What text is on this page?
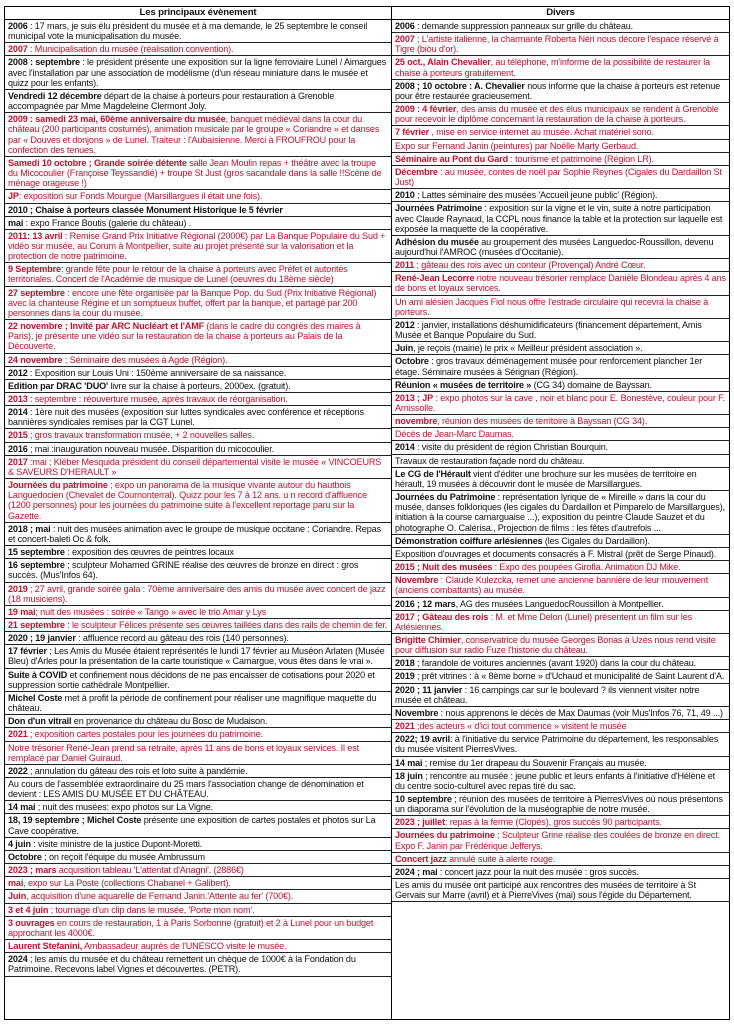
Les principaux évènement
2006 : 17 mars, je suis élu président du musée et à ma demande, le 25 septembre le conseil municipal vote la municipalisation du musée.
2007 : Municipalisation du musée (réalisation convention).
2008 : septembre : le président présente une exposition sur la ligne ferroviaire Lunel / Aimargues avec l'installation par une association de modélisme (d'un réseau miniature dans le musée et quizz pour les enfants).
Vendredi 12 décembre départ de la chaise à porteurs pour restauration à Grenoble accompagnée par Mme Magdeleine Clermont Joly.
2009 : samedi 23 mai, 60ème anniversaire du musée, banquet médiéval dans la cour du château (200 participants costumés), animation musicale par le groupe « Coriandre » et danses par « Douves et donjons » de Lunel. Traiteur : l'Aubaisienne. Merci à FROUFROU pour la confection des tenues.
Samedi 10 octobre ; Grande soirée détente salle Jean Moulin repas + théâtre avec la troupe du Micocoulier (Françoise Teyssandié) + troupe St Just (gros sacandale dans la salle !!Scène de ménage orageuse !)
JP: exposition sur Fonds Mourgue (Marsillargues il était une fois).
2010 ; Chaise à porteurs classée Monument Historique le 5 février
mai : expo France Boutis (galerie du château) .
2011: 13 avril : Remise Grand Prix Initiative Régional (2000€) par La Banque Populaire du Sud + vidéo sur musée, au Corum à Montpellier, suite au projet présenté sur la valorisation et la protection de notre patrimoine.
9 Septembre: grande fête pour le retour de la chaise à porteurs avec Préfet et autorités territoriales. Concert de l'Académie de musique de Lunel (oeuvres du 18ème siècle)
27 septembre : encore une fête organisée par la Banque Pop. du Sud (Prix Initiative Régional) avec la chanteuse Régine et un somptueux buffet, offert par la banque, et partagé par 200 personnes dans la cour du musée.
22 novembre ; Invité par ARC Nucléart et l'AMF (dans le cadre du congrès des maires à Paris), je présente une vidéo sur la restauration de la chaise à porteurs au Palais de la Découverte.
24 novembre ; Séminaire des musées à Agde (Région).
2012 : Exposition sur Louis Uni : 150ème anniversaire de sa naissance.
Edition par DRAC 'DUO' livre sur la chaise à porteurs, 2000ex. (gratuit).
2013 : septembre : réouverture musée, après travaux de réorganisation.
2014 : 1ère nuit des musées (exposition sur luttes syndicales avec conférence et réceptions bannières syndicales remises par la CGT Lunel.
2015 ; gros travaux transformation musée, + 2 nouvelles salles.
2016 ; mai :inauguration nouveau musée. Disparition du micocoulier.
2017 :mai ; Kléber Mesquida président du conseil départemental visite le musée « VINCOEURS & SAVEURS D'HERAULT »
Journées du patrimoine ; expo un panorama de la musique vivante autour du hautbois Languedocien (Chevalet de Cournonterral). Quizz pour les 7 à 12 ans. u n record d'affluence (1200 personnes) pour les journées du patrimoine suite à l'excellent reportage paru sur la Gazette.
2018 ; mai : nuit des musées animation avec le groupe de musique occitane : Coriandre. Repas et concert-baleti Oc & folk.
15 septembre : exposition des œuvres de peintres locaux
16 septembre ; sculpteur Mohamed GRINE réalise des œuvres de bronze en direct : gros succès. (Mus'Infos 64).
2019 ; 27 avril, grande soirée gala : 70ème anniversaire des amis du musée avec concert de jazz (18 musiciens).
19 mai; nuit des musées : soirée « Tango » avec le trio Amar y Lys
21 septembre : le sculpteur Félices présente ses œuvres taillées dans des rails de chemin de fer.
2020 ; 19 janvier : affluence record au gâteau des rois (140 personnes).
17 février ; Les Amis du Musée étaient représentés le lundi 17 février au Muséon Arlaten (Musée Bleu) d'Arles pour la présentation de la carte touristique « Camargue, vous êtes dans le vrai ».
Suite à COVID et confinement nous décidons de ne pas encaisser de cotisations pour 2020 et suppression sortie cathédrale Montpellier.
Michel Coste met à profit la période de confinement pour réaliser une magnifique maquette du château.
Don d'un vitrail en provenance du château du Bosc de Mudaison.
2021 ; exposition cartes postales pour les journées du patrimoine.
Notre trésorier René-Jean prend sa retraite, après 11 ans de bons et loyaux services. Il est remplacé par Daniel Guiraud.
2022 ; annulation du gâteau des rois et loto suite à pandémie.
Au cours de l'assemblée extraordinaire du 25 mars l'association change de dénomination et devient : LES AMIS DU MUSÉE ET DU CHÂTEAU.
14 mai ; nuit des musées: expo photos sur La Vigne.
18, 19 septembre ; Michel Coste présente une exposition de cartes postales et photos sur La Cave coopérative.
4 juin : visite ministre de la justice Dupont-Moretti.
Octobre ; on reçoit l'équipe du musée Ambrussum
2023 ; mars acquisition tableau 'L'attentat d'Anagni'. (2886€)
mai, expo sur La Poste (collections Chabanel + Galibert).
Juin, acquisition d'une aquarelle de Fernand Janin.'Attente au fer' (700€).
3 et 4 juin ; tournage d'un clip dans le musée, 'Porte mon nom'.
3 ouvrages en cours de restauration, 1 à Paris Sorbonne (gratuit) et 2 à Lunel pour un budget approchant les 4000€.
Laurent Stefanini, Ambassadeur auprès de l'UNESCO visite le musée.
2024 ; les amis du musée et du château remettent un chèque de 1000€ à la Fondation du Patrimoine. Recevons label Vignes et découvertes. (PETR).
Divers
2006 : demande suppression panneaux sur grille du château.
2007 ; L'artiste italienne, la charmante Roberta Néri nous décore l'espace réservé à Tigre (biòu d'or).
25 oct., Alain Chevalier, au téléphone, m'informe de la possibilité de restaurer la chaise à porteurs gratuitement.
2008 ; 10 octobre : A. Chevalier nous informe que la chaise à porteurs est retenue pour être restaurée gracieusement.
2009 : 4 février, des amis du musée et des élus municipaux se rendent à Grenoble pour recevoir le diplôme concernant la restauration de la chaise à porteurs.
7 février , mise en service internet au musée. Achat matériel sono.
Expo sur Fernand Janin (peintures) par Noëlle Marty Gerbaud.
Séminaire au Pont du Gard : tourisme et patrimoine (Région LR).
Décembre : au musée, contes de noël par Sophie Reynes (Cigales du Dardaillon St Just)
2010 ; Lattes séminaire des musées 'Accueil jeune public' (Région).
Journées Patrimoine : exposition sur la vigne et le vin, suite à notre participation avec Claude Raynaud, la CCPL nous finance la table et la protection sur laquelle est exposée la maquette de la coopérative.
Adhésion du musée au groupement des musées Languedoc-Roussillon, devenu aujourd'hui l'AMROC (musées d'Occitanie).
2011 ; gâteau des rois avec un conteur (Provençal) André Cœur.
René-Jean Lecorre notre nouveau trésorier remplace Danièle Blondeau après 4 ans de bons et loyaux services.
Un ami alésien Jacques Fiol nous offre l'estrade circulaire qui recevra la chaise à porteurs.
2012 : janvier, installations déshumidificateurs (financement département, Amis Musée et Banque Populaire du Sud.
Juin, je reçois (mairie) le prix « Meilleur président association ».
Octobre : gros travaux déménagement musée pour renforcement plancher 1er étage. Séminaire musées à Sérignan (Région).
Réunion « musées de territoire » (CG 34) domaine de Bayssan.
2013 ; JP : expo photos sur la cave , noir et blanc pour E. Bonestève, couleur pour F. Arnissolle.
novembre, réunion des musées de territoire à Bayssan (CG 34).
Décès de Jean-Marc Daumas.
2014 : visite du président de région Christian Bourquin.
Travaux de restauration façade nord du château.
Le CG de l'Hérault vient d'éditer une brochure sur les musées de territoire en hérault, 19 musées à découvrir dont le musée de Marsillargues.
Journées du Patrimoine : représentation lyrique de « Mireille » dans la cour du musée, danses folkloriques (les cigales du Dardaillon et Pimparelo de Marsillargues), initiation à la course camarguaise ...), exposition du peintre Claude Sauzet et du photographe O. Calérisa., Projection de films : les fêtes d'autrefois ...
Démonstration coiffure arlésiennes (les Cigales du Dardaillon).
Exposition d'ouvrages et documents consacrés à F. Mistral (prêt de Serge Pinaud).
2015 ; Nuit des musées : Expo des poupées Girofla. Animation DJ Mike.
Novembre : Claude Kulezcka, remet une ancienne bannière de leur mouvement (anciens combattants) au musée.
2016 ; 12 mars, AG des musées LanguedocRoussillon à Montpellier.
2017 ; Gâteau des rois : M. et Mme Delon (Lunel) présentent un film sur les Arlésiennes.
Brigitte Chimier, conservatrice du musée Georges Borias à Uzès nous rend visite pour diffusion sur radio Fuze l'historie du château.
2018 ; farandole de voitures anciennes (avant 1920) dans la cour du château.
2019 ; prêt vitrines : à « 8ème borne » d'Uchaud et municipalité de Saint Laurent d'A.
2020 ; 11 janvier : 16 campings car sur le boulevard ? ils viennent visiter notre musée et château.
Novembre : nous apprenons le décès de Max Daumas (voir Mus'Infos 76, 71, 49 ...)
2021 ;des acteurs « d'ici tout commence » visitent le musée
2022; 19 avril: à l'initiative du service Patrimoine du département, les responsables du musée visitent PierresVives.
14 mai ; remise du 1er drapeau du Souvenir Français au musée.
18 juin ; rencontre au musée : jeune public et leurs enfants à l'initiative d'Hélène et du centre socio-culturel avec repas tiré du sac.
10 septembre ; réunion des musées de territoire à PierresVives où nous présentons un diaporama sur l'évolution de la muséographie de notre musée.
2023 ; juillet: repas à la ferme (Clopés), gros succès 90 participants.
Journées du patrimoine ; Sculpteur Grine réalise des coulées de bronze en direct. Expo F. Janin par Frédérique Jefferys.
Concert jazz annulé suite à alerte rouge.
2024 ; mai : concert jazz pour la nuit des musée : gros succès.
Les amis du musée ont participé aux rencontres des musées de territoire à St Gervais sur Marre (avril) et à PierreVives (mai) sous l'égide du Département.
